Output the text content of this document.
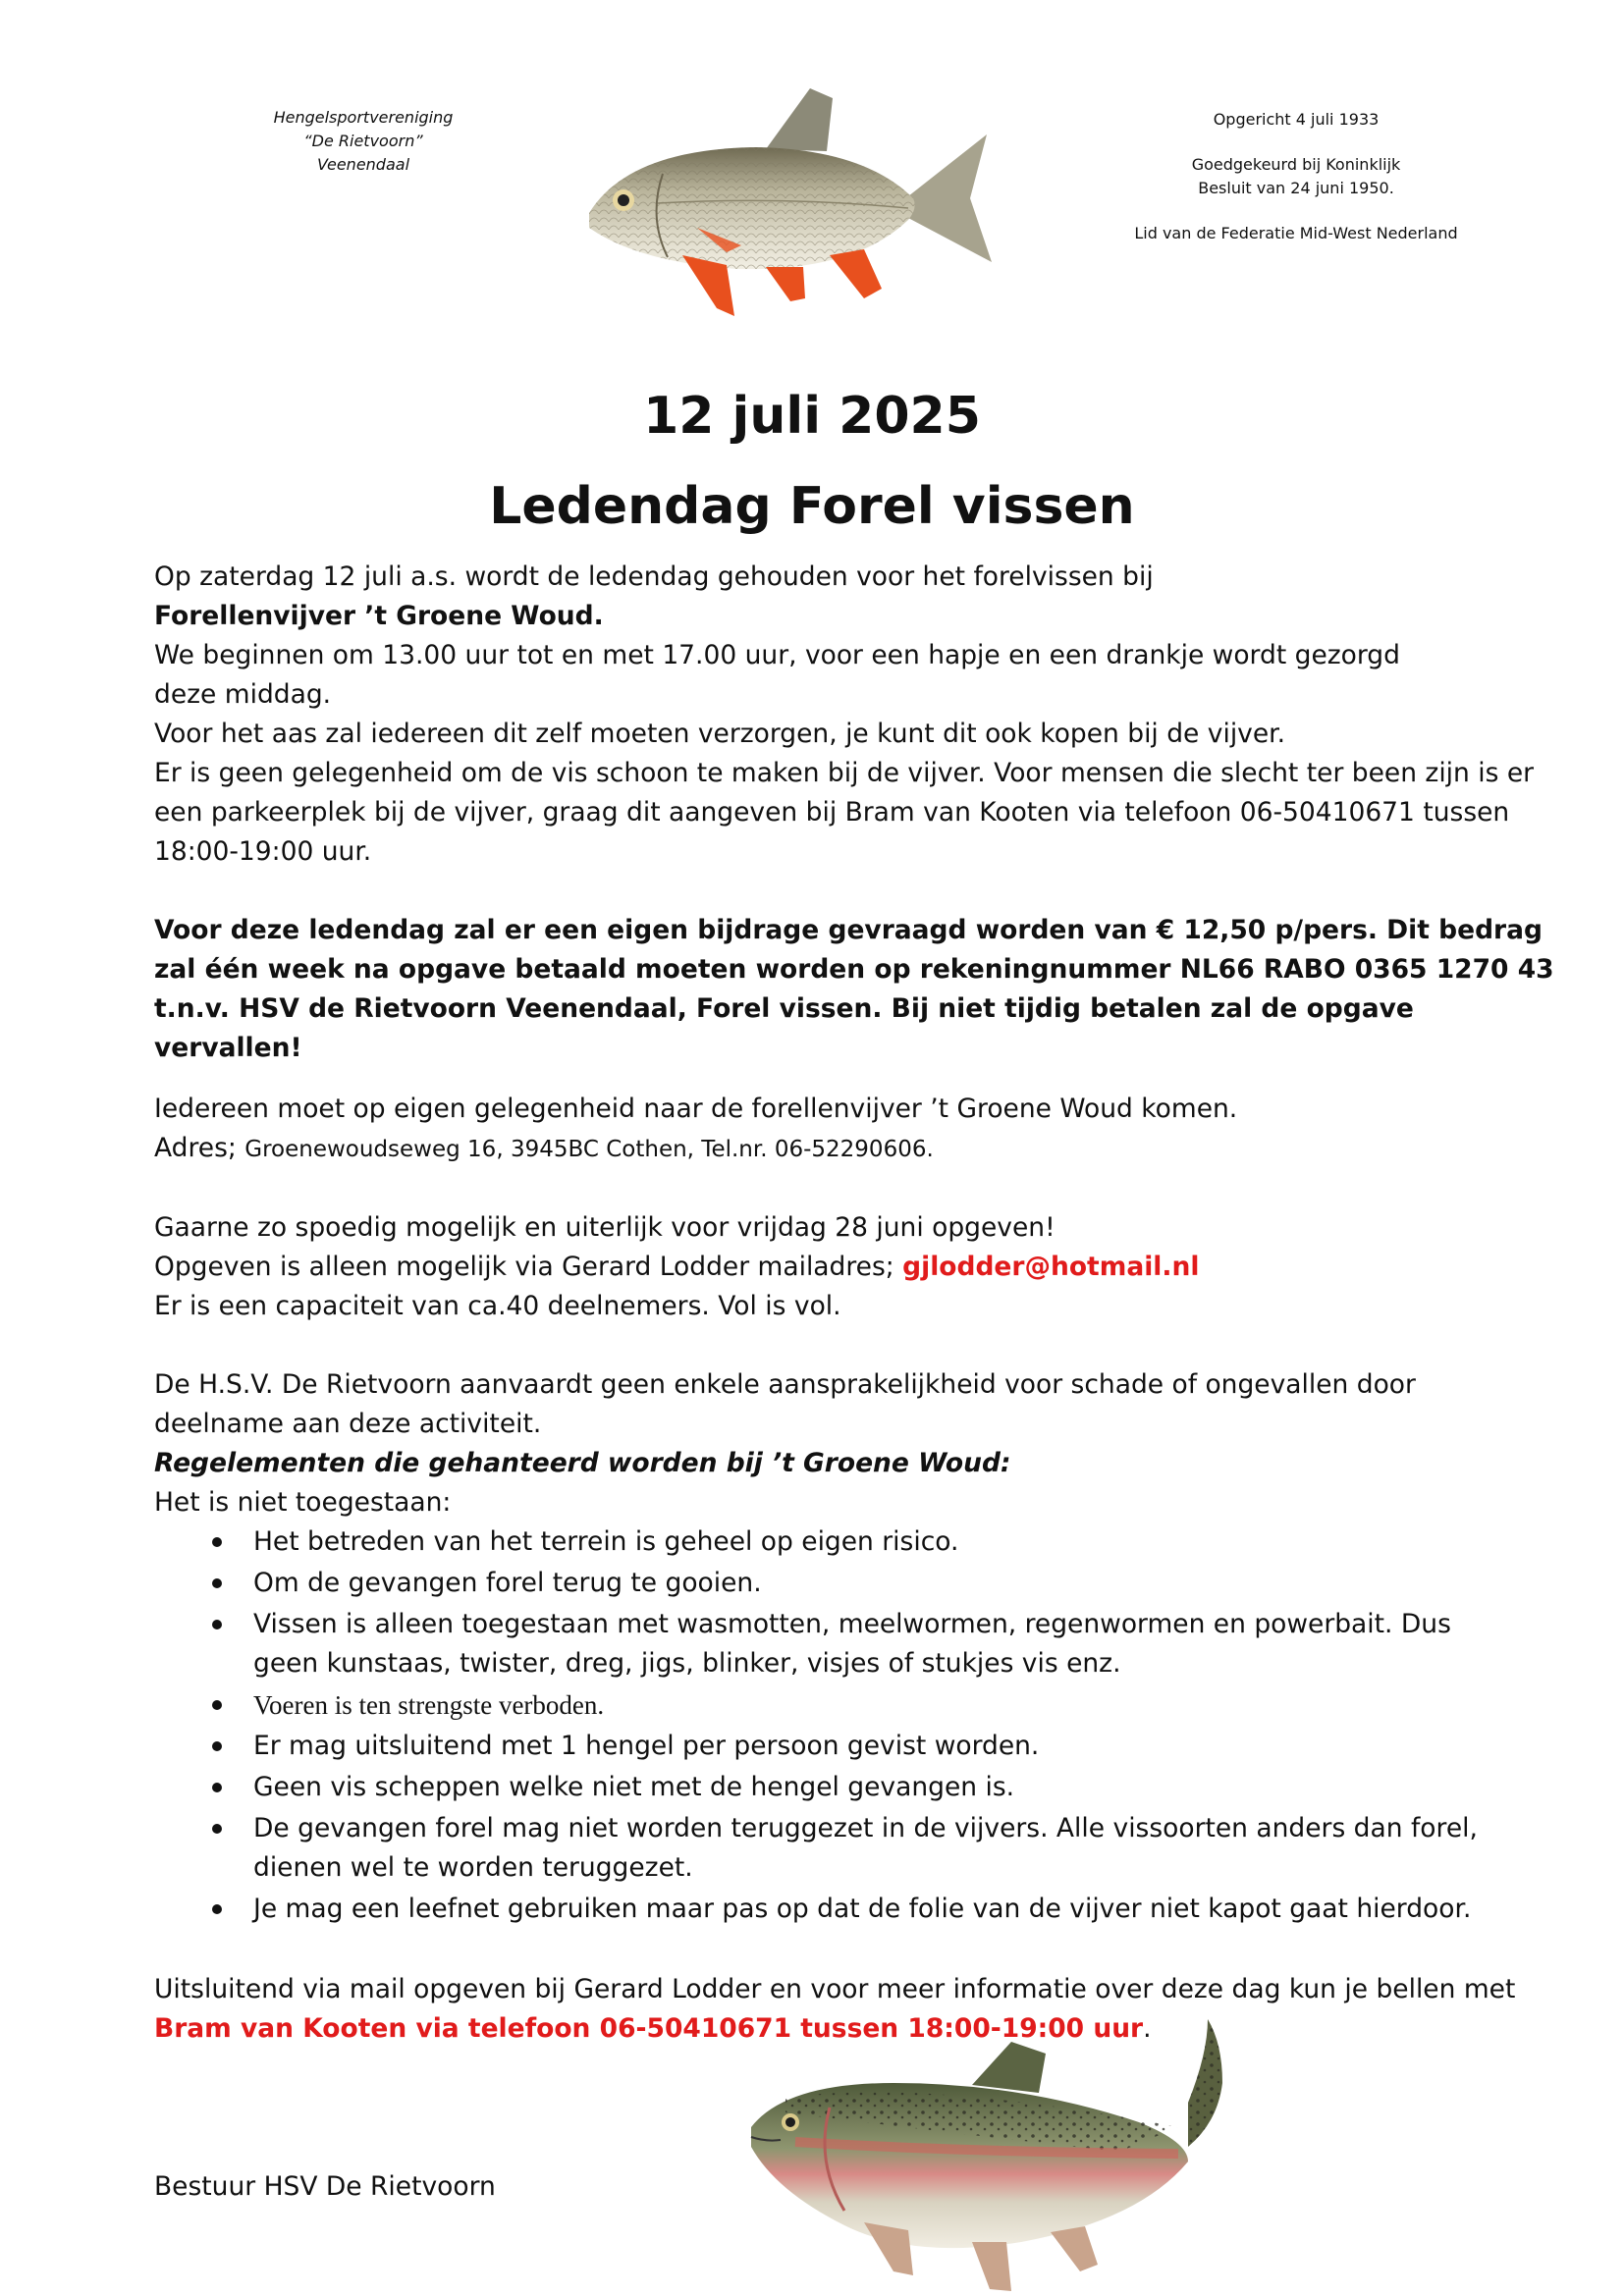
Hengelsportvereniging
“De Rietvoorn”
Veenendaal
Opgericht 4 juli 1933
Goedgekeurd bij Koninklijk
Besluit van 24 juni 1950.
Lid van de Federatie Mid-West Nederland
12 juli 2025
Ledendag Forel vissen

Op zaterdag 12 juli a.s. wordt de ledendag gehouden voor het forelvissen bij

Forellenvijver ’t Groene Woud.

We beginnen om 13.00 uur tot en met 17.00 uur, voor een hapje en een drankje wordt gezorgd deze middag.

Voor het aas zal iedereen dit zelf moeten verzorgen, je kunt dit ook kopen bij de vijver.

Er is geen gelegenheid om de vis schoon te maken bij de vijver. Voor mensen die slecht ter been zijn is er een parkeerplek bij de vijver, graag dit aangeven bij Bram van Kooten via telefoon 06-50410671 tussen 18:00-19:00 uur.

Voor deze ledendag zal er een eigen bijdrage gevraagd worden van € 12,50 p/pers. Dit bedrag zal één week na opgave betaald moeten worden op rekeningnummer NL66 RABO 0365 1270 43 t.n.v. HSV de Rietvoorn Veenendaal, Forel vissen. Bij niet tijdig betalen zal de opgave vervallen!

Iedereen moet op eigen gelegenheid naar de forellenvijver ’t Groene Woud komen.

Adres; Groenewoudseweg 16, 3945BC Cothen, Tel.nr. 06-52290606.

Gaarne zo spoedig mogelijk en uiterlijk voor vrijdag 28 juni opgeven!

Opgeven is alleen mogelijk via Gerard Lodder mailadres; gjlodder@hotmail.nl

Er is een capaciteit van ca.40 deelnemers. Vol is vol.

De H.S.V. De Rietvoorn aanvaardt geen enkele aansprakelijkheid voor schade of ongevallen door deelname aan deze activiteit.

Regelementen die gehanteerd worden bij ’t Groene Woud:

Het is niet toegestaan:

Het betreden van het terrein is geheel op eigen risico.
Om de gevangen forel terug te gooien.
Vissen is alleen toegestaan met wasmotten, meelwormen, regenwormen en powerbait. Dus geen kunstaas, twister, dreg, jigs, blinker, visjes of stukjes vis enz.
Voeren is ten strengste verboden.
Er mag uitsluitend met 1 hengel per persoon gevist worden.
Geen vis scheppen welke niet met de hengel gevangen is.
De gevangen forel mag niet worden teruggezet in de vijvers. Alle vissoorten anders dan forel, dienen wel te worden teruggezet.
Je mag een leefnet gebruiken maar pas op dat de folie van de vijver niet kapot gaat hierdoor.

Uitsluitend via mail opgeven bij Gerard Lodder en voor meer informatie over deze dag kun je bellen met Bram van Kooten via telefoon 06-50410671 tussen 18:00-19:00 uur.

Bestuur HSV De Rietvoorn
